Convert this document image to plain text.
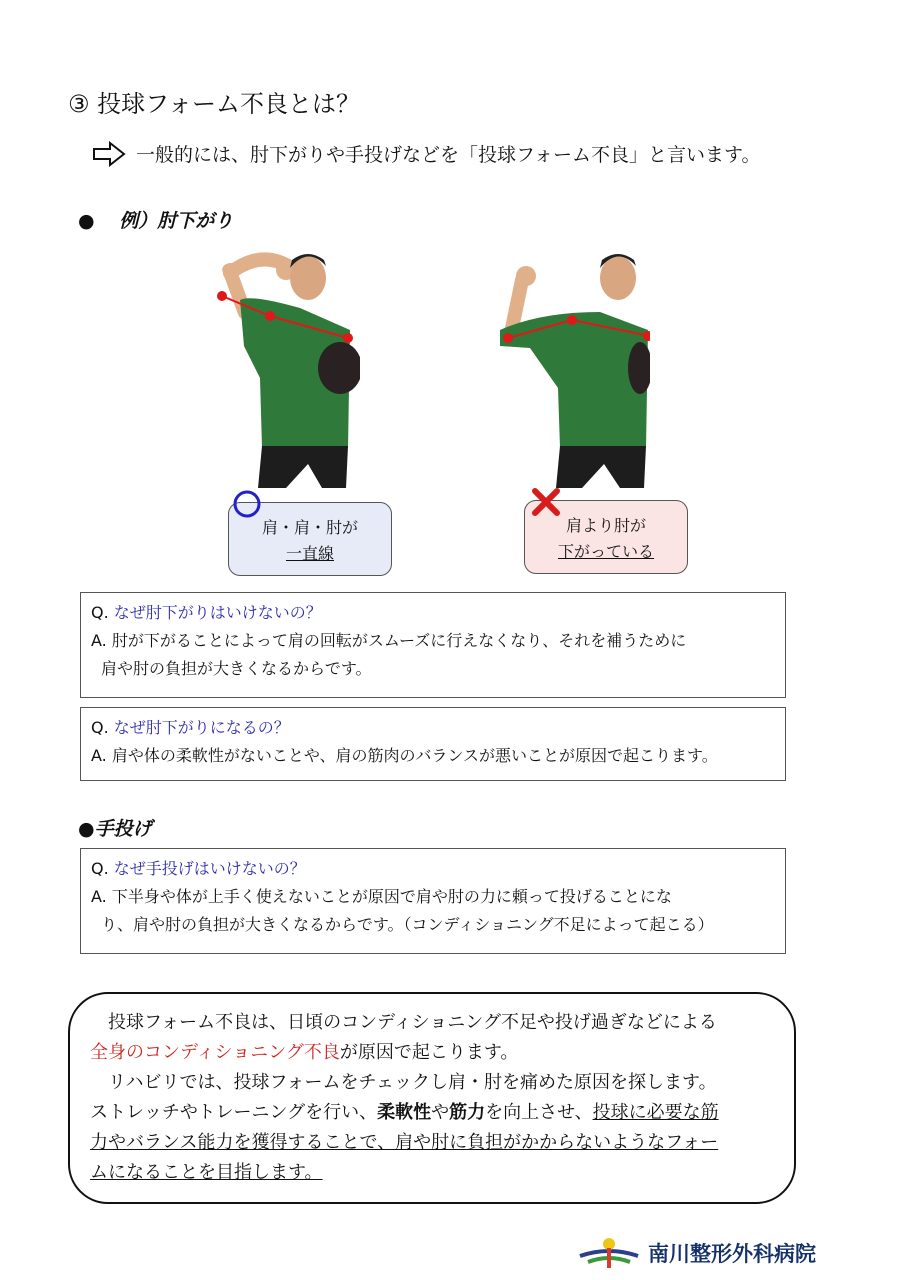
③ 投球フォーム不良とは？
一般的には、肘下がりや手投げなどを「投球フォーム不良」と言います。
● 例）肘下がり
肩・肩・肘が
一直線
肩より肘が
下がっている

Q. なぜ肘下がりはいけないの？

A. 肘が下がることによって肩の回転がスムーズに行えなくなり、それを補うために

肩や肘の負担が大きくなるからです。

Q. なぜ肘下がりになるの？

A. 肩や体の柔軟性がないことや、肩の筋肉のバランスが悪いことが原因で起こります。

●手投げ

Q. なぜ手投げはいけないの？

A. 下半身や体が上手く使えないことが原因で肩や肘の力に頼って投げることにな

り、肩や肘の負担が大きくなるからです。（コンディショニング不足によって起こる）

投球フォーム不良は、日頃のコンディショニング不足や投げ過ぎなどによる

全身のコンディショニング不良が原因で起こります。

リハビリでは、投球フォームをチェックし肩・肘を痛めた原因を探します。

ストレッチやトレーニングを行い、柔軟性や筋力を向上させ、投球に必要な筋

力やバランス能力を獲得することで、肩や肘に負担がかからないようなフォー

ムになることを目指します。

南川整形外科病院
